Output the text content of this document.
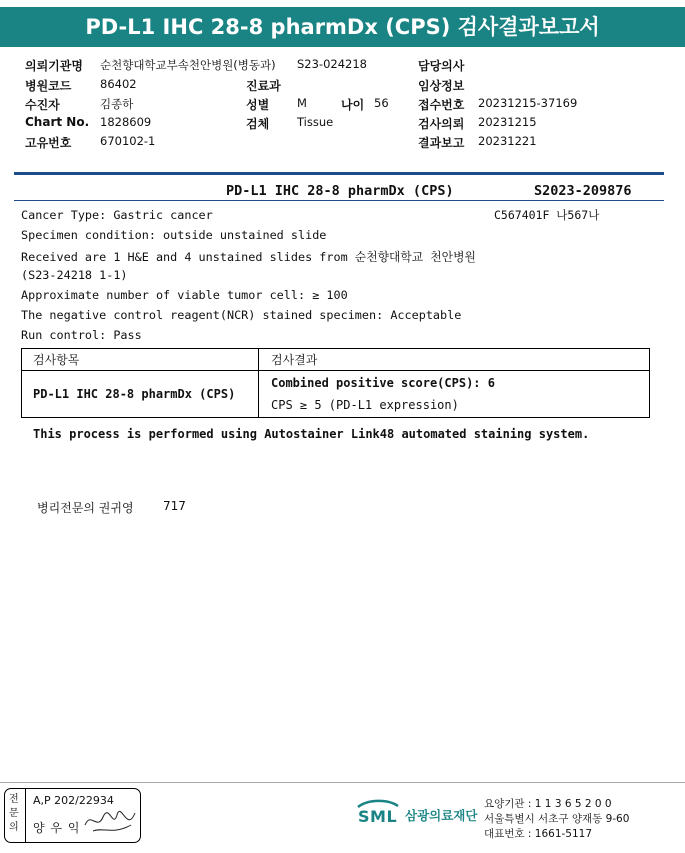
PD-L1 IHC 28-8 pharmDx (CPS) 검사결과보고서
의뢰기관명 순천향대학교부속천안병원(병동과) S23-024218
병원코드 86402	진료과
수진자	김종하	성별 M	나이 56
Chart No. 1828609	검체 Tissue
고유번호 670102-1
담당의사
임상정보
접수번호 20231215-37169
검사의뢰 20231215
결과보고 20231221
PD-L1 IHC 28-8 pharmDx (CPS)	S2023-209876
C567401F 나567나
Cancer Type: Gastric cancer
Specimen condition: outside unstained slide
Received are 1 H&E and 4 unstained slides from 순천향대학교 천안병원
(S23-24218 1-1)
Approximate number of viable tumor cell: ≥ 100
The negative control reagent(NCR) stained specimen: Acceptable
Run control: Pass
검사항목	검사결과
PD-L1 IHC 28-8 pharmDx (CPS)	Combined positive score(CPS): 6
CPS ≥ 5 (PD-L1 expression)
This process is performed using Autostainer Link48 automated staining system.
병리전문의 권귀영 717
전문의
A,P 202/22934
양 우 익
SML 삼광의료재단
요양기관 : 1 1 3 6 5 2 0 0
서울특별시 서초구 양재동 9-60
대표번호 : 1661-5117
